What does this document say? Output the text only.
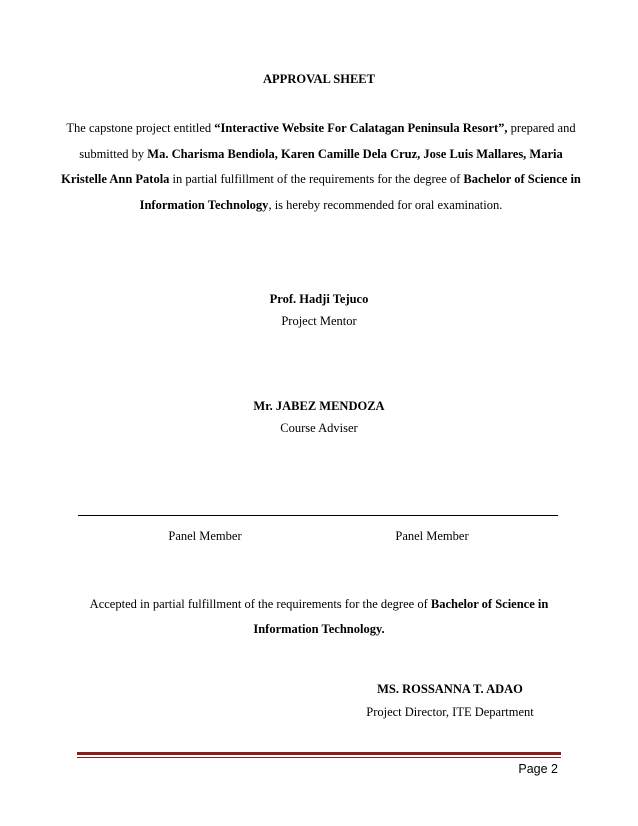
APPROVAL SHEET
The capstone project entitled “Interactive Website For Calatagan Peninsula Resort”, prepared and submitted by Ma. Charisma Bendiola, Karen Camille Dela Cruz, Jose Luis Mallares, Maria Kristelle Ann Patola in partial fulfillment of the requirements for the degree of Bachelor of Science in Information Technology, is hereby recommended for oral examination.
Prof. Hadji Tejuco
Project Mentor
Mr. JABEZ MENDOZA
Course Adviser
Panel Member	Panel Member
Accepted in partial fulfillment of the requirements for the degree of Bachelor of Science in Information Technology.
MS. ROSSANNA T. ADAO
Project Director, ITE Department
Page 2
